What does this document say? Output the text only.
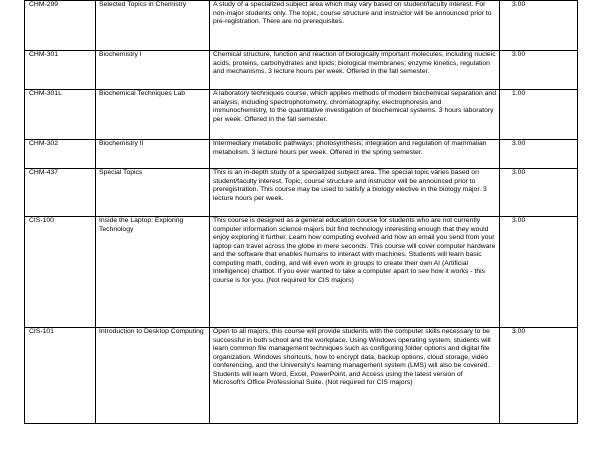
CHM-299	Selected Topics in Chemistry	A study of a specialized subject area which may vary based on student/faculty interest. For non-major students only. The topic, course structure and instructor will be announced prior to pre-registration. There are no prerequisites.	3.00
CHM-301	Biochemistry I	Chemical structure, function and reaction of biologically important molecules, including nucleic acids, proteins, carbohydrates and lipids; biological membranes; enzyme kinetics, regulation and mechanisms. 3 lecture hours per week. Offered in the fall semester.	3.00
CHM-301L	Biochemical Techniques Lab	A laboratory techniques course, which applies methods of modern biochemical separation and analysis, including spectrophotometry, chromatography, electrophoresis and immunochemistry, to the quantitative investigation of biochemical systems. 3 hours laboratory per week. Offered in the fall semester.	1.00
CHM-302	Biochemistry II	Intermediary metabolic pathways; photosynthesis; integration and regulation of mammalian metabolism. 3 lecture hours per week. Offered in the spring semester.	3.00
CHM-437	Special Topics	This is an in-depth study of a specialized subject area. The special topic varies based on student/faculty interest. Topic, course structure and instructor will be announced prior to preregistration. This course may be used to satisfy a biology elective in the biology major. 3 lecture hours per week.	3.00
CIS-100	Inside the Laptop: Exploring Technology	This course is designed as a general education course for students who are not currently computer information science majors but find technology interesting enough that they would enjoy exploring it further. Learn how computing evolved and how an email you send from your laptop can travel across the globe in mere seconds. This course will cover computer hardware and the software that enables humans to interact with machines. Students will learn basic computing math, coding, and will even work in groups to create their own AI (Artificial Intelligence) chatbot. If you ever wanted to take a computer apart to see how it works - this course is for you. (Not required for CIS majors)	3.00
CIS-101	Introduction to Desktop Computing	Open to all majors, this course will provide students with the computer skills necessary to be successful in both school and the workplace. Using Windows operating system, students will learn common file management techniques such as configuring folder options and digital file organization. Windows shortcuts, how to encrypt data, backup options, cloud storage, video conferencing, and the University's learning management system (LMS) will also be covered. Students will learn Word, Excel, PowerPoint, and Access using the latest version of Microsoft's Office Professional Suite. (Not required for CIS majors)	3.00
